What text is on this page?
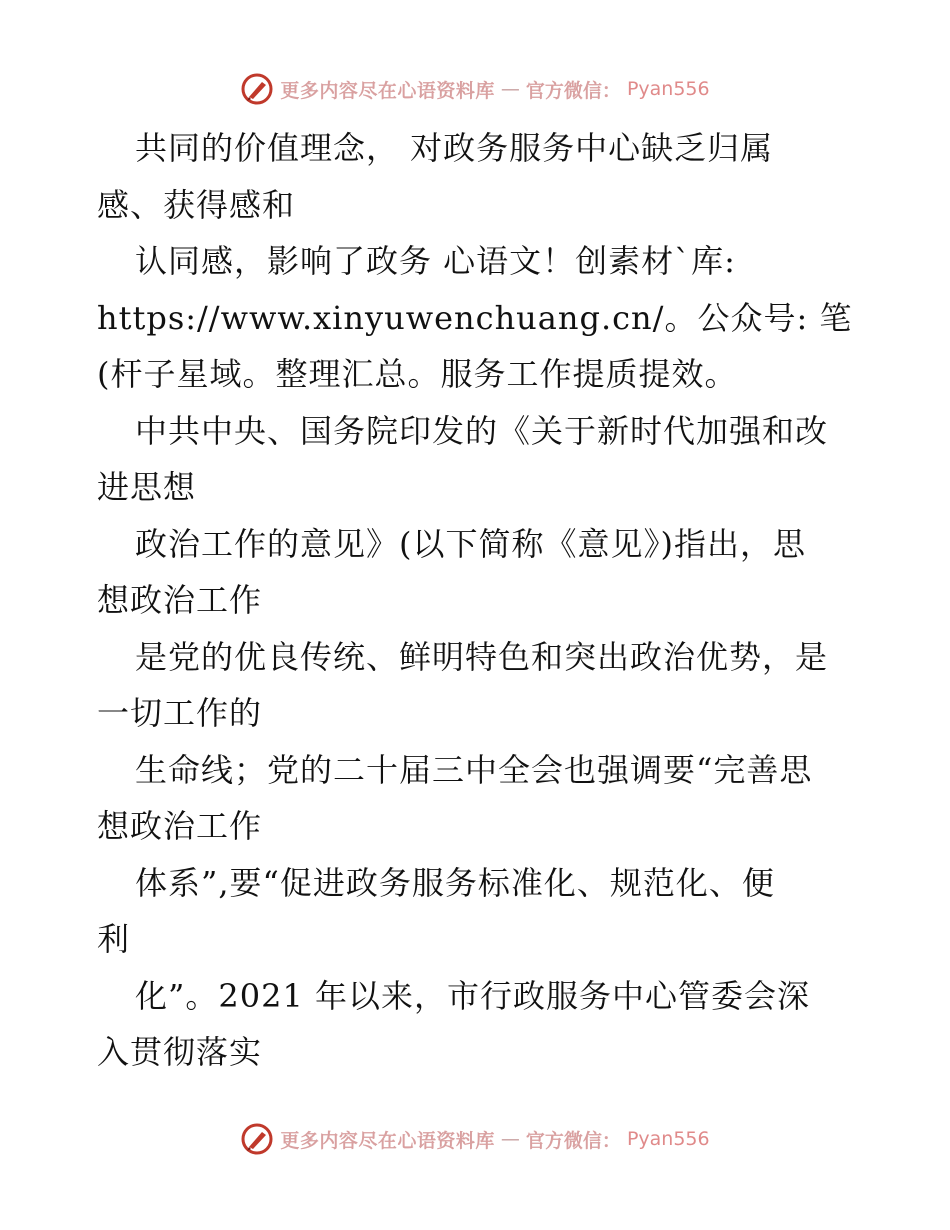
更多内容尽在心语资料库 — 官方微信： Pyan556
共同的价值理念， 对政务服务中心缺乏归属
感、获得感和
认同感，影响了政务 心语文！创素材`库:
https://www.xinyuwenchuang.cn/。公众号: 笔
(杆子星域。整理汇总。服务工作提质提效。
中共中央、国务院印发的《关于新时代加强和改
进思想
政治工作的意见》(以下简称《意见》)指出，思
想政治工作
是党的优良传统、鲜明特色和突出政治优势，是
一切工作的
生命线；党的二十届三中全会也强调要“完善思
想政治工作
体系”,要“促进政务服务标准化、规范化、便
利
化”。2021 年以来，市行政服务中心管委会深
入贯彻落实
更多内容尽在心语资料库 — 官方微信： Pyan556
